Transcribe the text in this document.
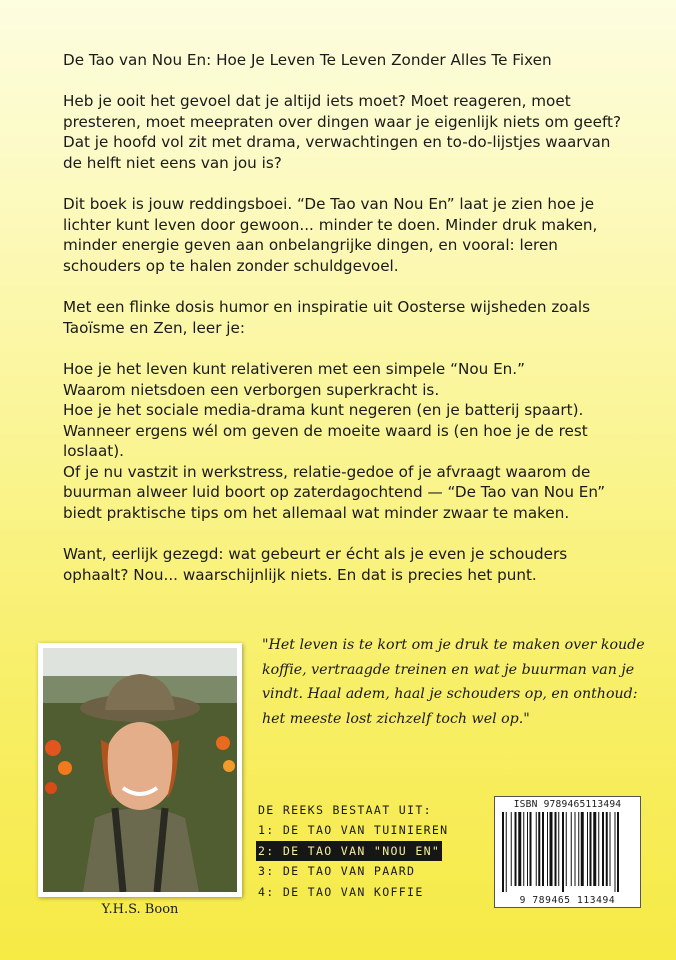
De Tao van Nou En: Hoe Je Leven Te Leven Zonder Alles Te Fixen

Heb je ooit het gevoel dat je altijd iets moet? Moet reageren, moet presteren, moet meepraten over dingen waar je eigenlijk niets om geeft? Dat je hoofd vol zit met drama, verwachtingen en to-do-lijstjes waarvan de helft niet eens van jou is?

Dit boek is jouw reddingsboei. “De Tao van Nou En” laat je zien hoe je lichter kunt leven door gewoon... minder te doen. Minder druk maken, minder energie geven aan onbelangrijke dingen, en vooral: leren schouders op te halen zonder schuldgevoel.

Met een flinke dosis humor en inspiratie uit Oosterse wijsheden zoals Taoïsme en Zen, leer je:

Hoe je het leven kunt relativeren met een simpele “Nou En.”
Waarom nietsdoen een verborgen superkracht is.
Hoe je het sociale media-drama kunt negeren (en je batterij spaart).
Wanneer ergens wél om geven de moeite waard is (en hoe je de rest loslaat).
Of je nu vastzit in werkstress, relatie-gedoe of je afvraagt waarom de buurman alweer luid boort op zaterdagochtend — “De Tao van Nou En” biedt praktische tips om het allemaal wat minder zwaar te maken.

Want, eerlijk gezegd: wat gebeurt er écht als je even je schouders ophaalt? Nou... waarschijnlijk niets. En dat is precies het punt.

Y.H.S. Boon
"Het leven is te kort om je druk te maken over koude koffie, vertraagde treinen en wat je buurman van je vindt. Haal adem, haal je schouders op, en onthoud: het meeste lost zichzelf toch wel op."
DE REEKS BESTAAT UIT:
1: DE TAO VAN TUINIEREN
2: DE TAO VAN "NOU EN"
3: DE TAO VAN PAARD
4: DE TAO VAN KOFFIE
ISBN 9789465113494
9 789465 113494
